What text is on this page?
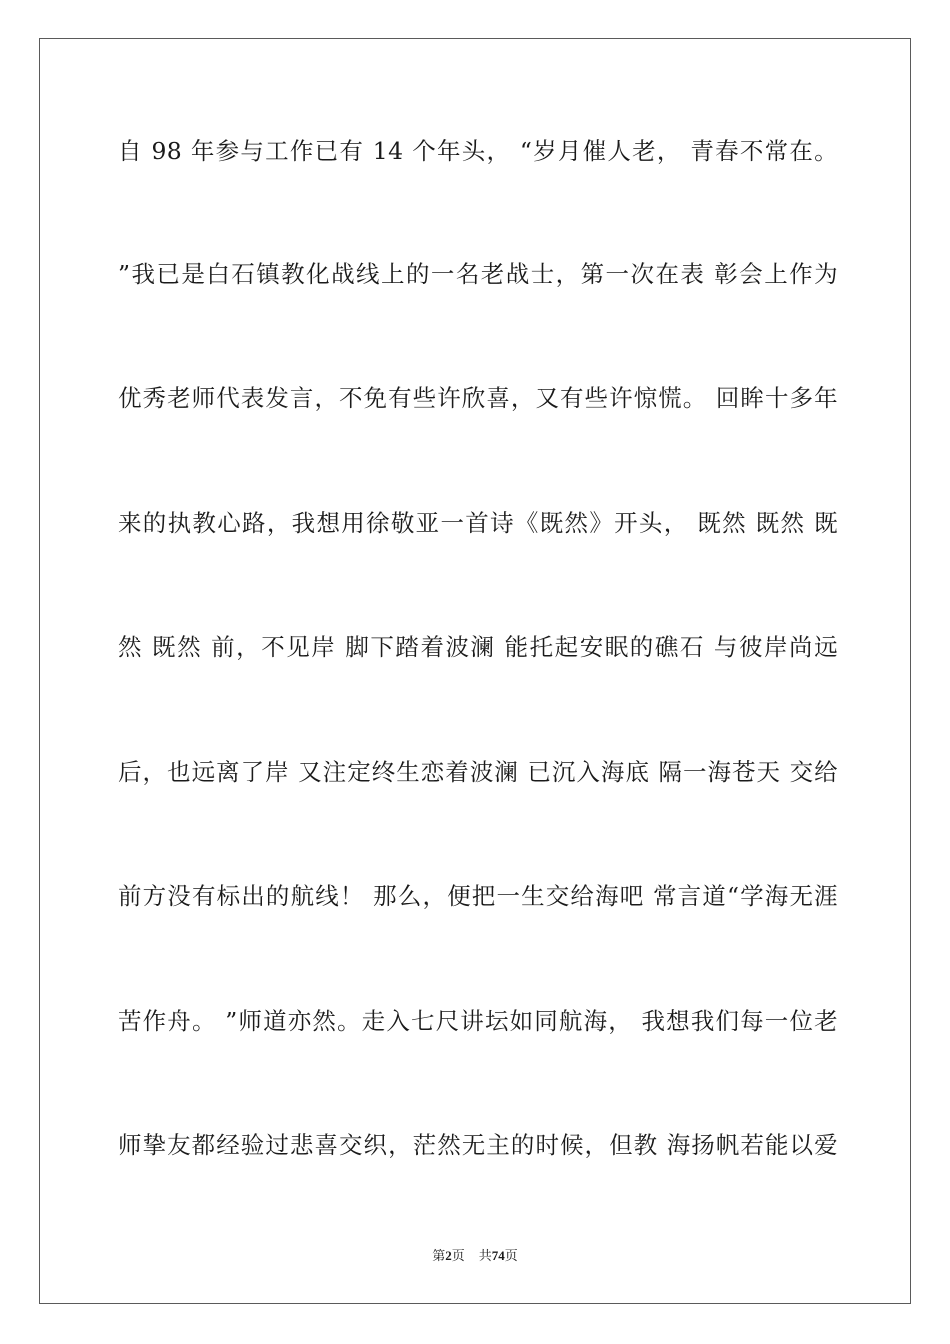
自 98 年参与工作已有 14 个年头， “岁月催人老， 青春不常在。
”我已是白石镇教化战线上的一名老战士，第一次在表 彰会上作为
优秀老师代表发言，不免有些许欣喜，又有些许惊慌。 回眸十多年
来的执教心路，我想用徐敬亚一首诗《既然》开头， 既然 既然 既
然 既然 前，不见岸 脚下踏着波澜 能托起安眠的礁石 与彼岸尚远
后，也远离了岸 又注定终生恋着波澜 已沉入海底 隔一海苍天 交给
前方没有标出的航线！ 那么，便把一生交给海吧 常言道“学海无涯
苦作舟。 ”师道亦然。走入七尺讲坛如同航海， 我想我们每一位老
师挚友都经验过悲喜交织，茫然无主的时候，但教 海扬帆若能以爱
第2页 共74页
